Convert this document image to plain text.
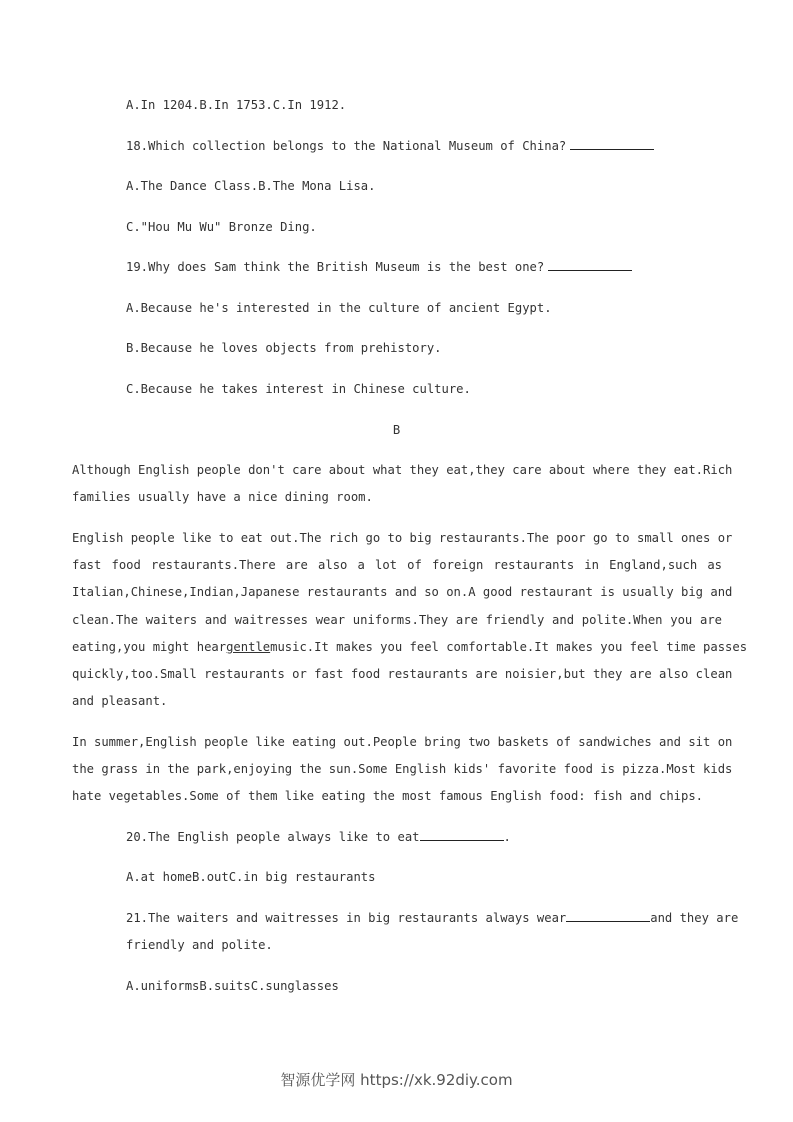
A.In 1204.B.In 1753.C.In 1912.

18.Which collection belongs to the National Museum of China?

A.The Dance Class.B.The Mona Lisa.

C."Hou Mu Wu" Bronze Ding.

19.Why does Sam think the British Museum is the best one?

A.Because he's interested in the culture of ancient Egypt.

B.Because he loves objects from prehistory.

C.Because he takes interest in Chinese culture.

B

Although English people don't care about what they eat,they care about where they eat.Rich

families usually have a nice dining room.

English people like to eat out.The rich go to big restaurants.The poor go to small ones or

fast food restaurants.There are also a lot of foreign restaurants in England,such as

Italian,Chinese,Indian,Japanese restaurants and so on.A good restaurant is usually big and

clean.The waiters and waitresses wear uniforms.They are friendly and polite.When you are

eating,you might heargentlemusic.It makes you feel comfortable.It makes you feel time passes

quickly,too.Small restaurants or fast food restaurants are noisier,but they are also clean

and pleasant.

In summer,English people like eating out.People bring two baskets of sandwiches and sit on

the grass in the park,enjoying the sun.Some English kids' favorite food is pizza.Most kids

hate vegetables.Some of them like eating the most famous English food: fish and chips.

20.The English people always like to eat	.

A.at homeB.outC.in big restaurants

21.The waiters and waitresses in big restaurants always wear	and they are

friendly and polite.

A.uniformsB.suitsC.sunglasses

智源优学网 https://xk.92diy.com
